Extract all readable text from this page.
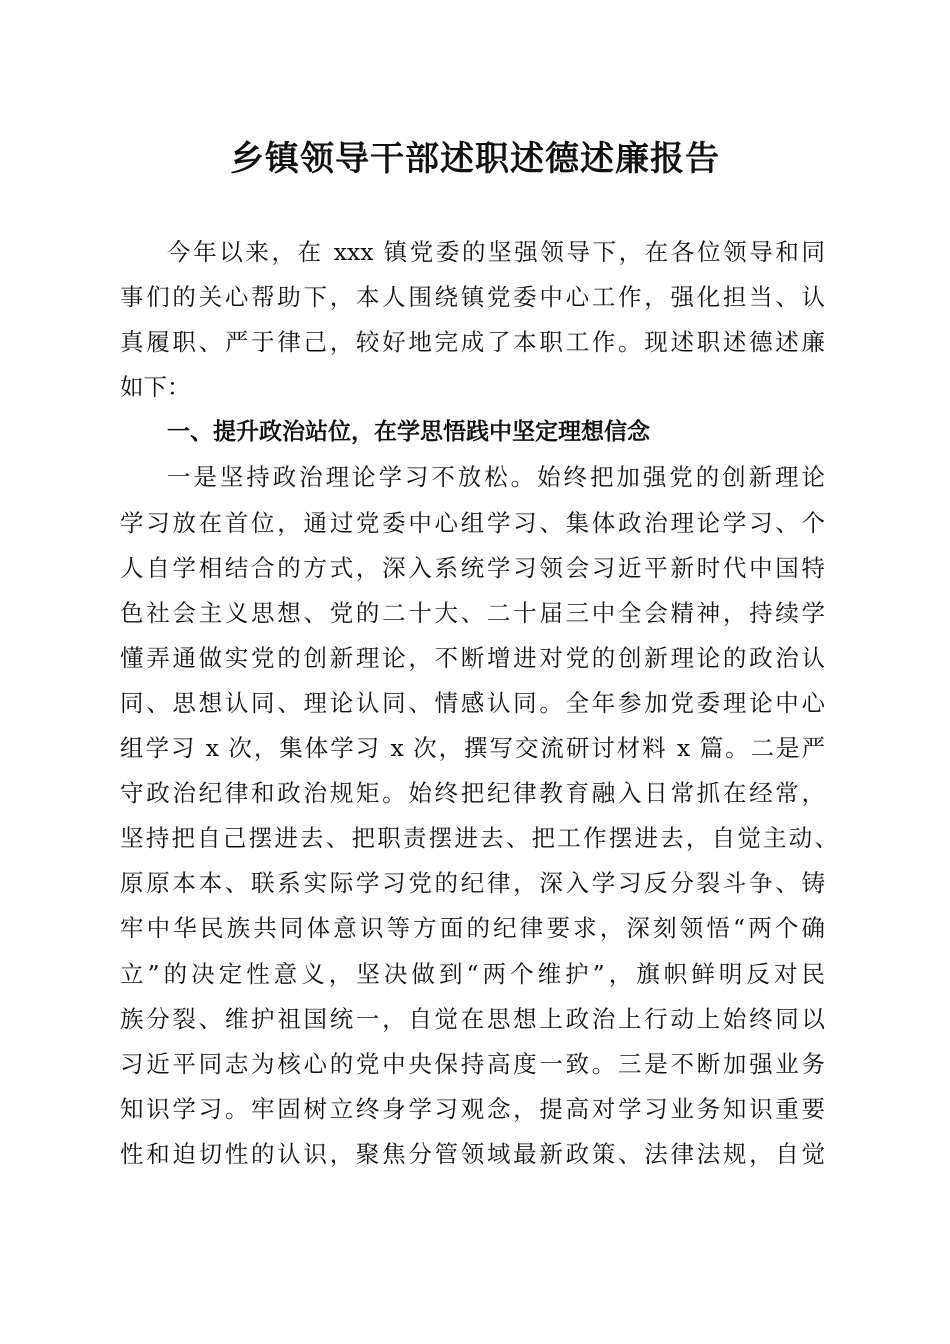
乡镇领导干部述职述德述廉报告
今年以来，在 xxx 镇党委的坚强领导下，在各位领导和同
事们的关心帮助下，本人围绕镇党委中心工作，强化担当、认
真履职、严于律己，较好地完成了本职工作。现述职述德述廉
如下：
一、提升政治站位，在学思悟践中坚定理想信念
一是坚持政治理论学习不放松。始终把加强党的创新理论
学习放在首位，通过党委中心组学习、集体政治理论学习、个
人自学相结合的方式，深入系统学习领会习近平新时代中国特
色社会主义思想、党的二十大、二十届三中全会精神，持续学
懂弄通做实党的创新理论，不断增进对党的创新理论的政治认
同、思想认同、理论认同、情感认同。全年参加党委理论中心
组学习 x 次，集体学习 x 次，撰写交流研讨材料 x 篇。二是严
守政治纪律和政治规矩。始终把纪律教育融入日常抓在经常，
坚持把自己摆进去、把职责摆进去、把工作摆进去，自觉主动、
原原本本、联系实际学习党的纪律，深入学习反分裂斗争、铸
牢中华民族共同体意识等方面的纪律要求，深刻领悟“两个确
立”的决定性意义，坚决做到“两个维护”，旗帜鲜明反对民
族分裂、维护祖国统一，自觉在思想上政治上行动上始终同以
习近平同志为核心的党中央保持高度一致。三是不断加强业务
知识学习。牢固树立终身学习观念，提高对学习业务知识重要
性和迫切性的认识，聚焦分管领域最新政策、法律法规，自觉
